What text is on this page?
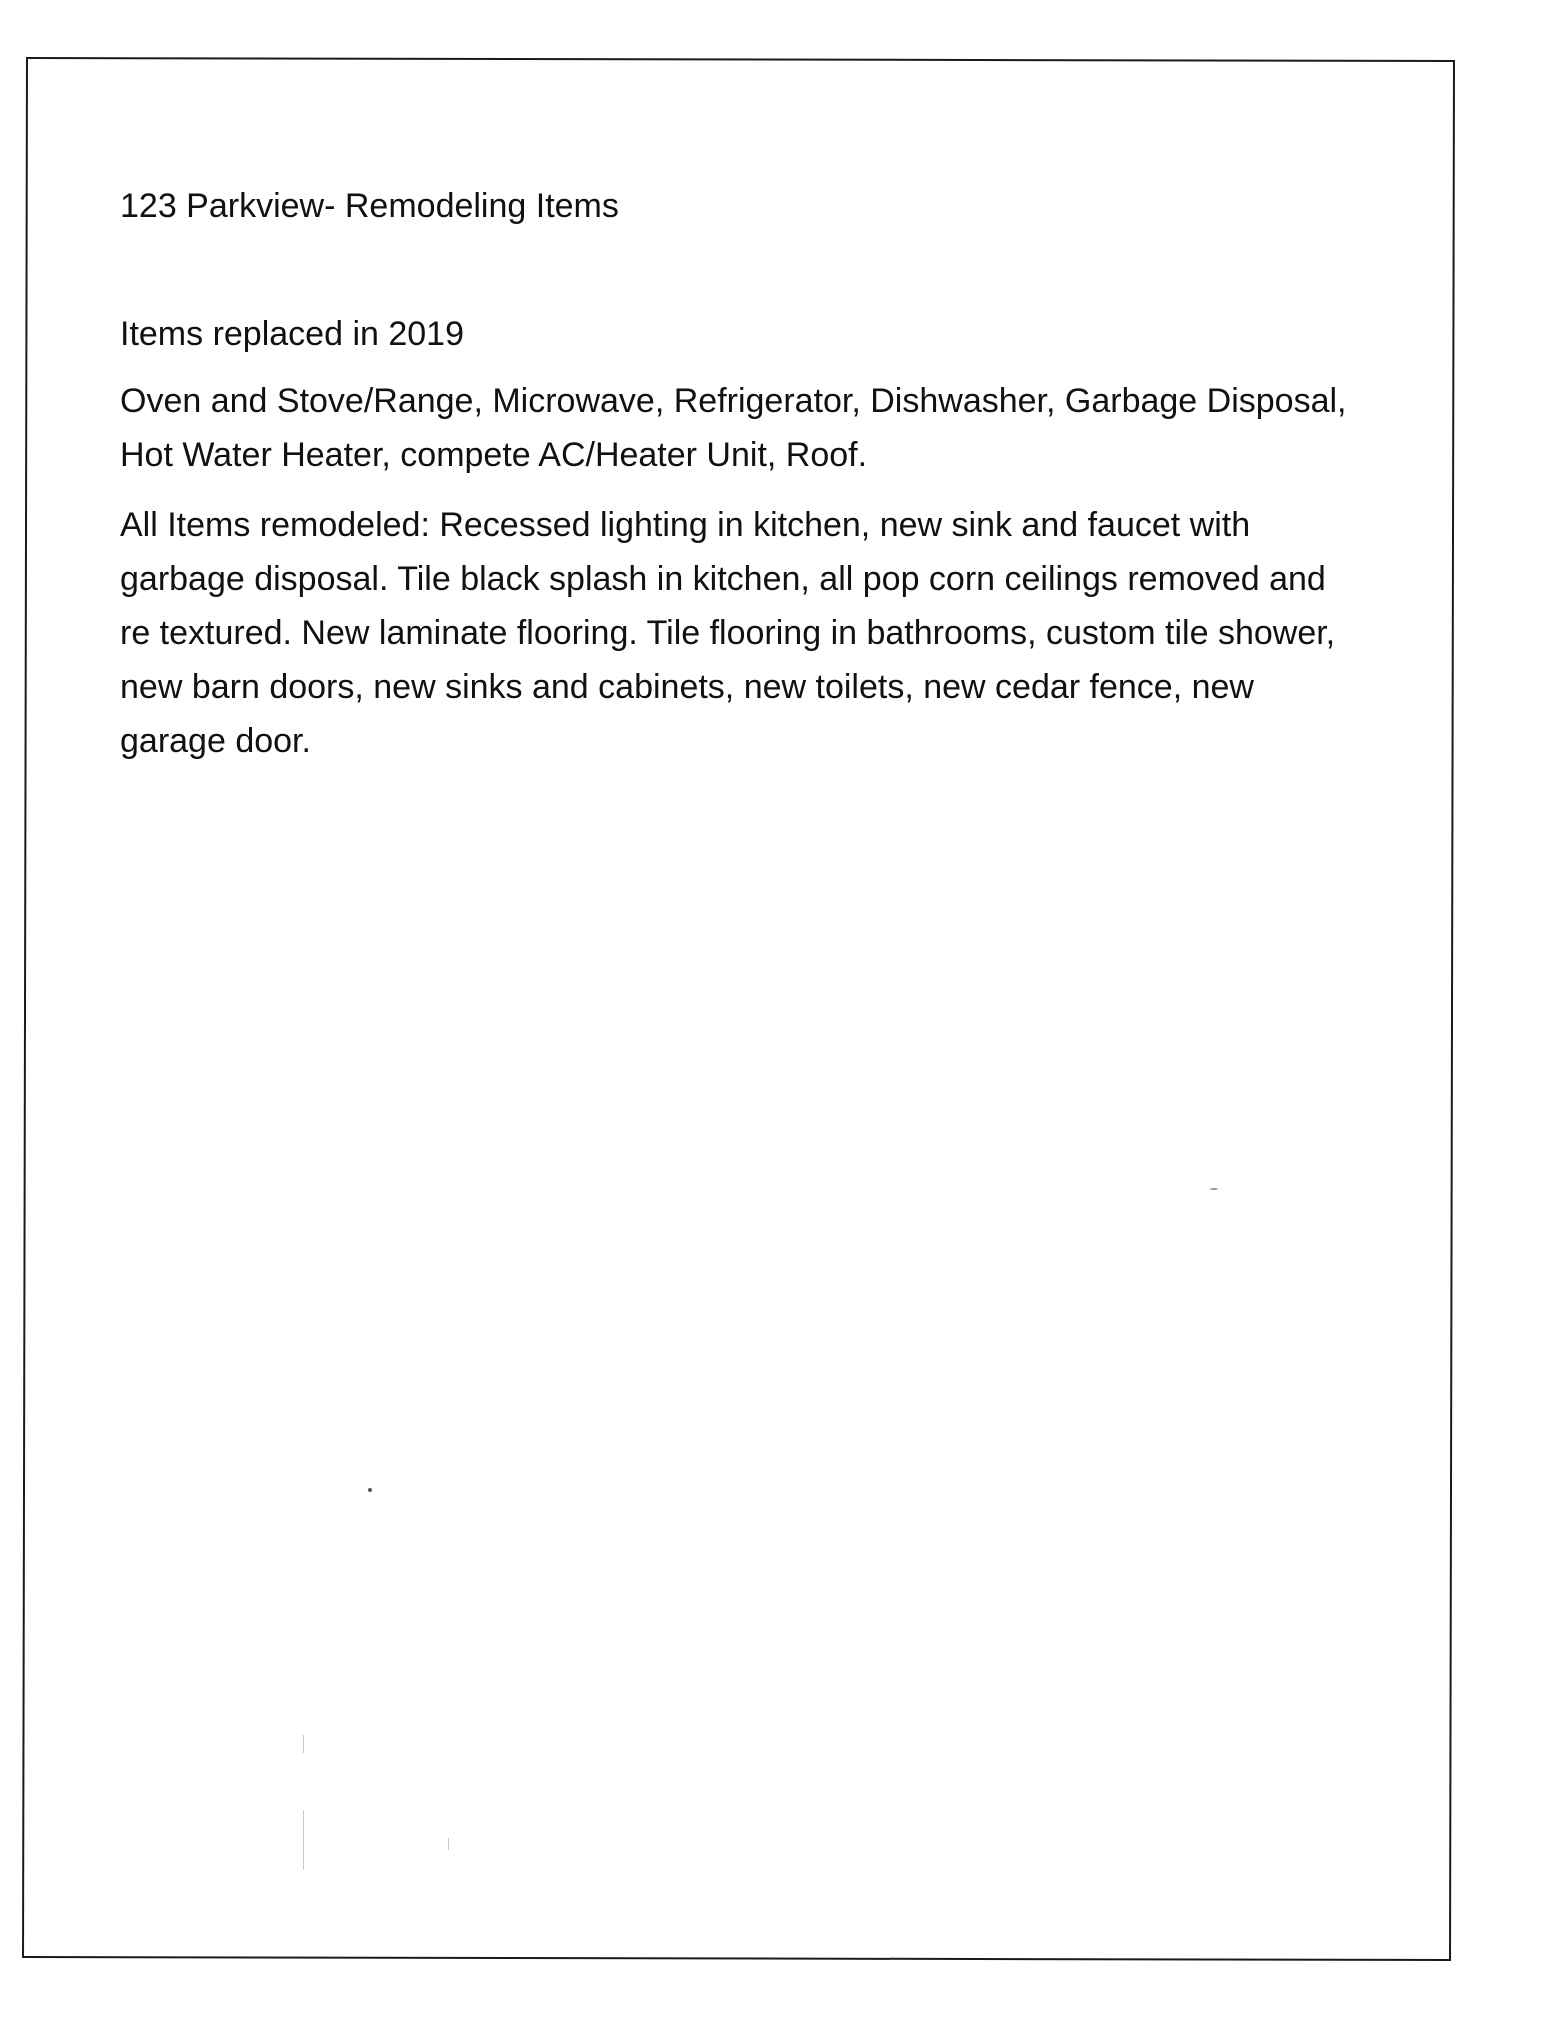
123 Parkview- Remodeling Items
Items replaced in 2019

Oven and Stove/Range, Microwave, Refrigerator, Dishwasher, Garbage Disposal, Hot Water Heater, compete AC/Heater Unit, Roof.

All Items remodeled: Recessed lighting in kitchen, new sink and faucet with garbage disposal. Tile black splash in kitchen, all pop corn ceilings removed and re textured. New laminate flooring. Tile flooring in bathrooms, custom tile shower, new barn doors, new sinks and cabinets, new toilets, new cedar fence, new garage door.
